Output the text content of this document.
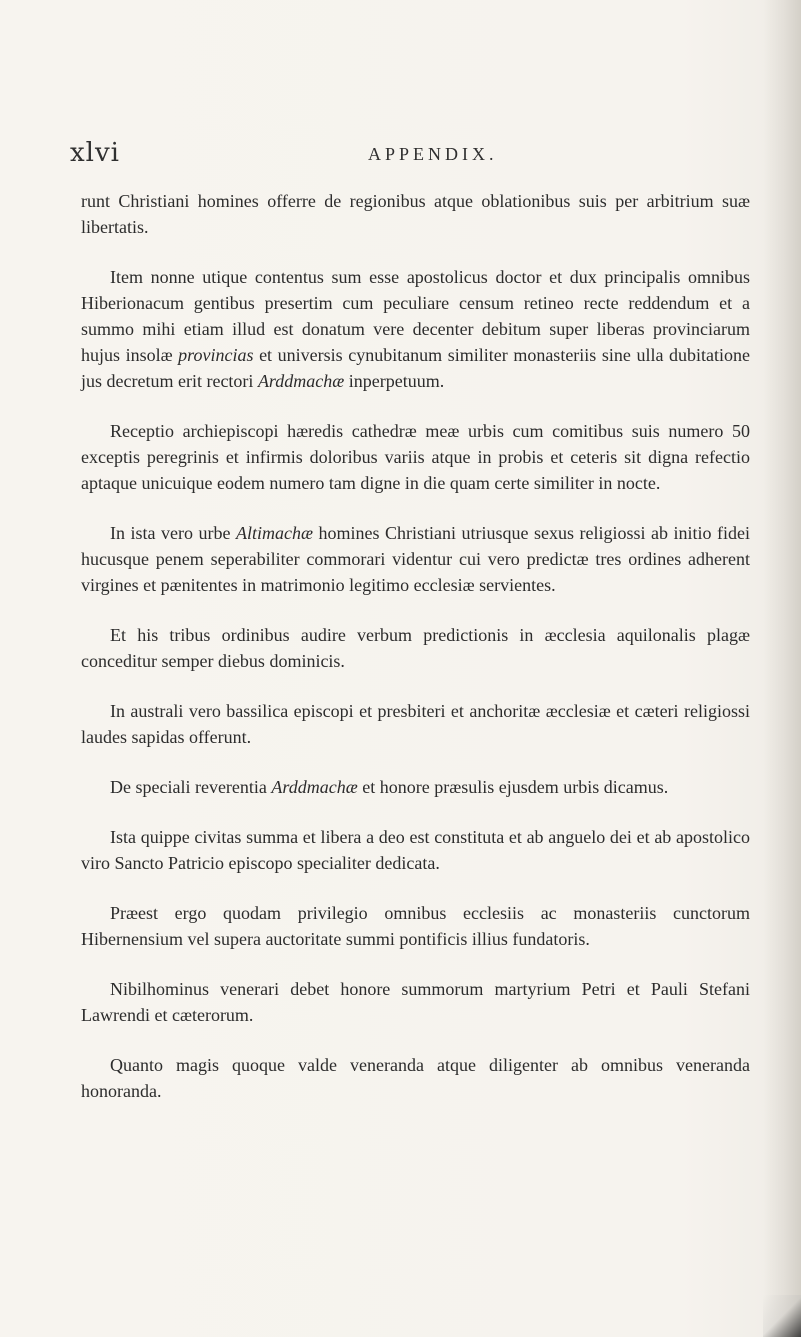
xlvi	APPENDIX.

runt Christiani homines offerre de regionibus atque oblationibus suis per arbitrium suæ libertatis.

Item nonne utique contentus sum esse apostolicus doctor et dux principalis omnibus Hiberionacum gentibus presertim cum peculiare censum retineo recte reddendum et a summo mihi etiam illud est donatum vere decenter debitum super liberas provinciarum hujus insolæ provincias et universis cynubitanum similiter monasteriis sine ulla dubitatione jus decretum erit rectori Arddmachæ inperpetuum.

Receptio archiepiscopi hæredis cathedræ meæ urbis cum comitibus suis numero 50 exceptis peregrinis et infirmis doloribus variis atque in probis et ceteris sit digna refectio aptaque unicuique eodem numero tam digne in die quam certe similiter in nocte.

In ista vero urbe Altimachæ homines Christiani utriusque sexus religiossi ab initio fidei hucusque penem seperabiliter commorari videntur cui vero predictæ tres ordines adherent virgines et pænitentes in matrimonio legitimo ecclesiæ servientes.

Et his tribus ordinibus audire verbum predictionis in æcclesia aquilonalis plagæ conceditur semper diebus dominicis.

In australi vero bassilica episcopi et presbiteri et anchoritæ æcclesiæ et cæteri religiossi laudes sapidas offerunt.

De speciali reverentia Arddmachæ et honore præsulis ejusdem urbis dicamus.

Ista quippe civitas summa et libera a deo est constituta et ab anguelo dei et ab apostolico viro Sancto Patricio episcopo specialiter dedicata.

Præest ergo quodam privilegio omnibus ecclesiis ac monasteriis cunctorum Hibernensium vel supera auctoritate summi pontificis illius fundatoris.

Nibilhominus venerari debet honore summorum martyrium Petri et Pauli Stefani Lawrendi et cæterorum.

Quanto magis quoque valde veneranda atque diligenter ab omnibus veneranda honoranda.
